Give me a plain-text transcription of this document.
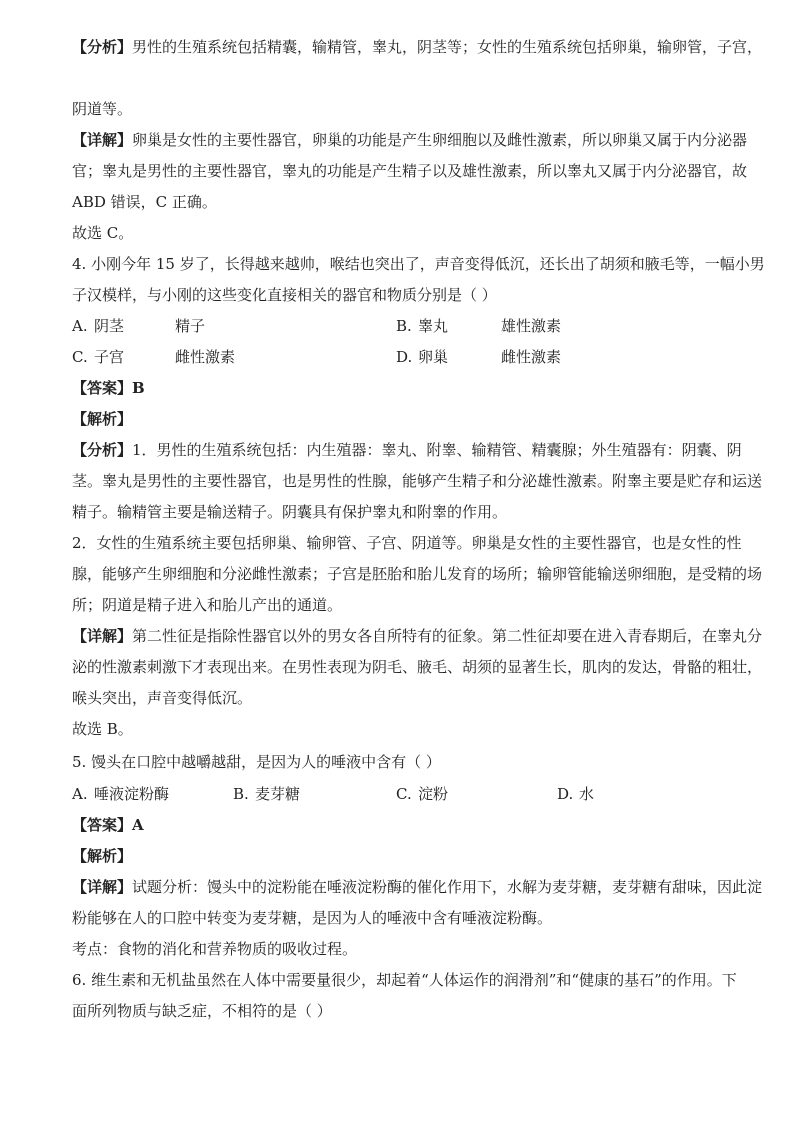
【分析】男性的生殖系统包括精囊，输精管，睾丸，阴茎等；女性的生殖系统包括卵巢，输卵管，子宫，
阴道等。
【详解】卵巢是女性的主要性器官，卵巢的功能是产生卵细胞以及雌性激素，所以卵巢又属于内分泌器
官；睾丸是男性的主要性器官，睾丸的功能是产生精子以及雄性激素，所以睾丸又属于内分泌器官，故
ABD 错误，C 正确。
故选 C。
4. 小刚今年 15 岁了，长得越来越帅，喉结也突出了，声音变得低沉，还长出了胡须和腋毛等，一幅小男
子汉模样，与小刚的这些变化直接相关的器官和物质分别是（ ）
A. 阴茎	精子	B. 睾丸	雄性激素
C. 子宫	雌性激素	D. 卵巢	雌性激素
【答案】B
【解析】
【分析】1．男性的生殖系统包括：内生殖器：睾丸、附睾、输精管、精囊腺；外生殖器有：阴囊、阴
茎。睾丸是男性的主要性器官，也是男性的性腺，能够产生精子和分泌雄性激素。附睾主要是贮存和运送
精子。输精管主要是输送精子。阴囊具有保护睾丸和附睾的作用。
2．女性的生殖系统主要包括卵巢、输卵管、子宫、阴道等。卵巢是女性的主要性器官，也是女性的性
腺，能够产生卵细胞和分泌雌性激素；子宫是胚胎和胎儿发育的场所；输卵管能输送卵细胞，是受精的场
所；阴道是精子进入和胎儿产出的通道。
【详解】第二性征是指除性器官以外的男女各自所特有的征象。第二性征却要在进入青春期后，在睾丸分
泌的性激素刺激下才表现出来。在男性表现为阴毛、腋毛、胡须的显著生长，肌肉的发达，骨骼的粗壮，
喉头突出，声音变得低沉。
故选 B。
5. 馒头在口腔中越嚼越甜，是因为人的唾液中含有（ ）
A. 唾液淀粉酶	B. 麦芽糖	C. 淀粉	D. 水
【答案】A
【解析】
【详解】试题分析：馒头中的淀粉能在唾液淀粉酶的催化作用下，水解为麦芽糖，麦芽糖有甜味，因此淀
粉能够在人的口腔中转变为麦芽糖，是因为人的唾液中含有唾液淀粉酶。
考点：食物的消化和营养物质的吸收过程。
6. 维生素和无机盐虽然在人体中需要量很少，却起着“人体运作的润滑剂”和“健康的基石”的作用。下
面所列物质与缺乏症，不相符的是（ ）
